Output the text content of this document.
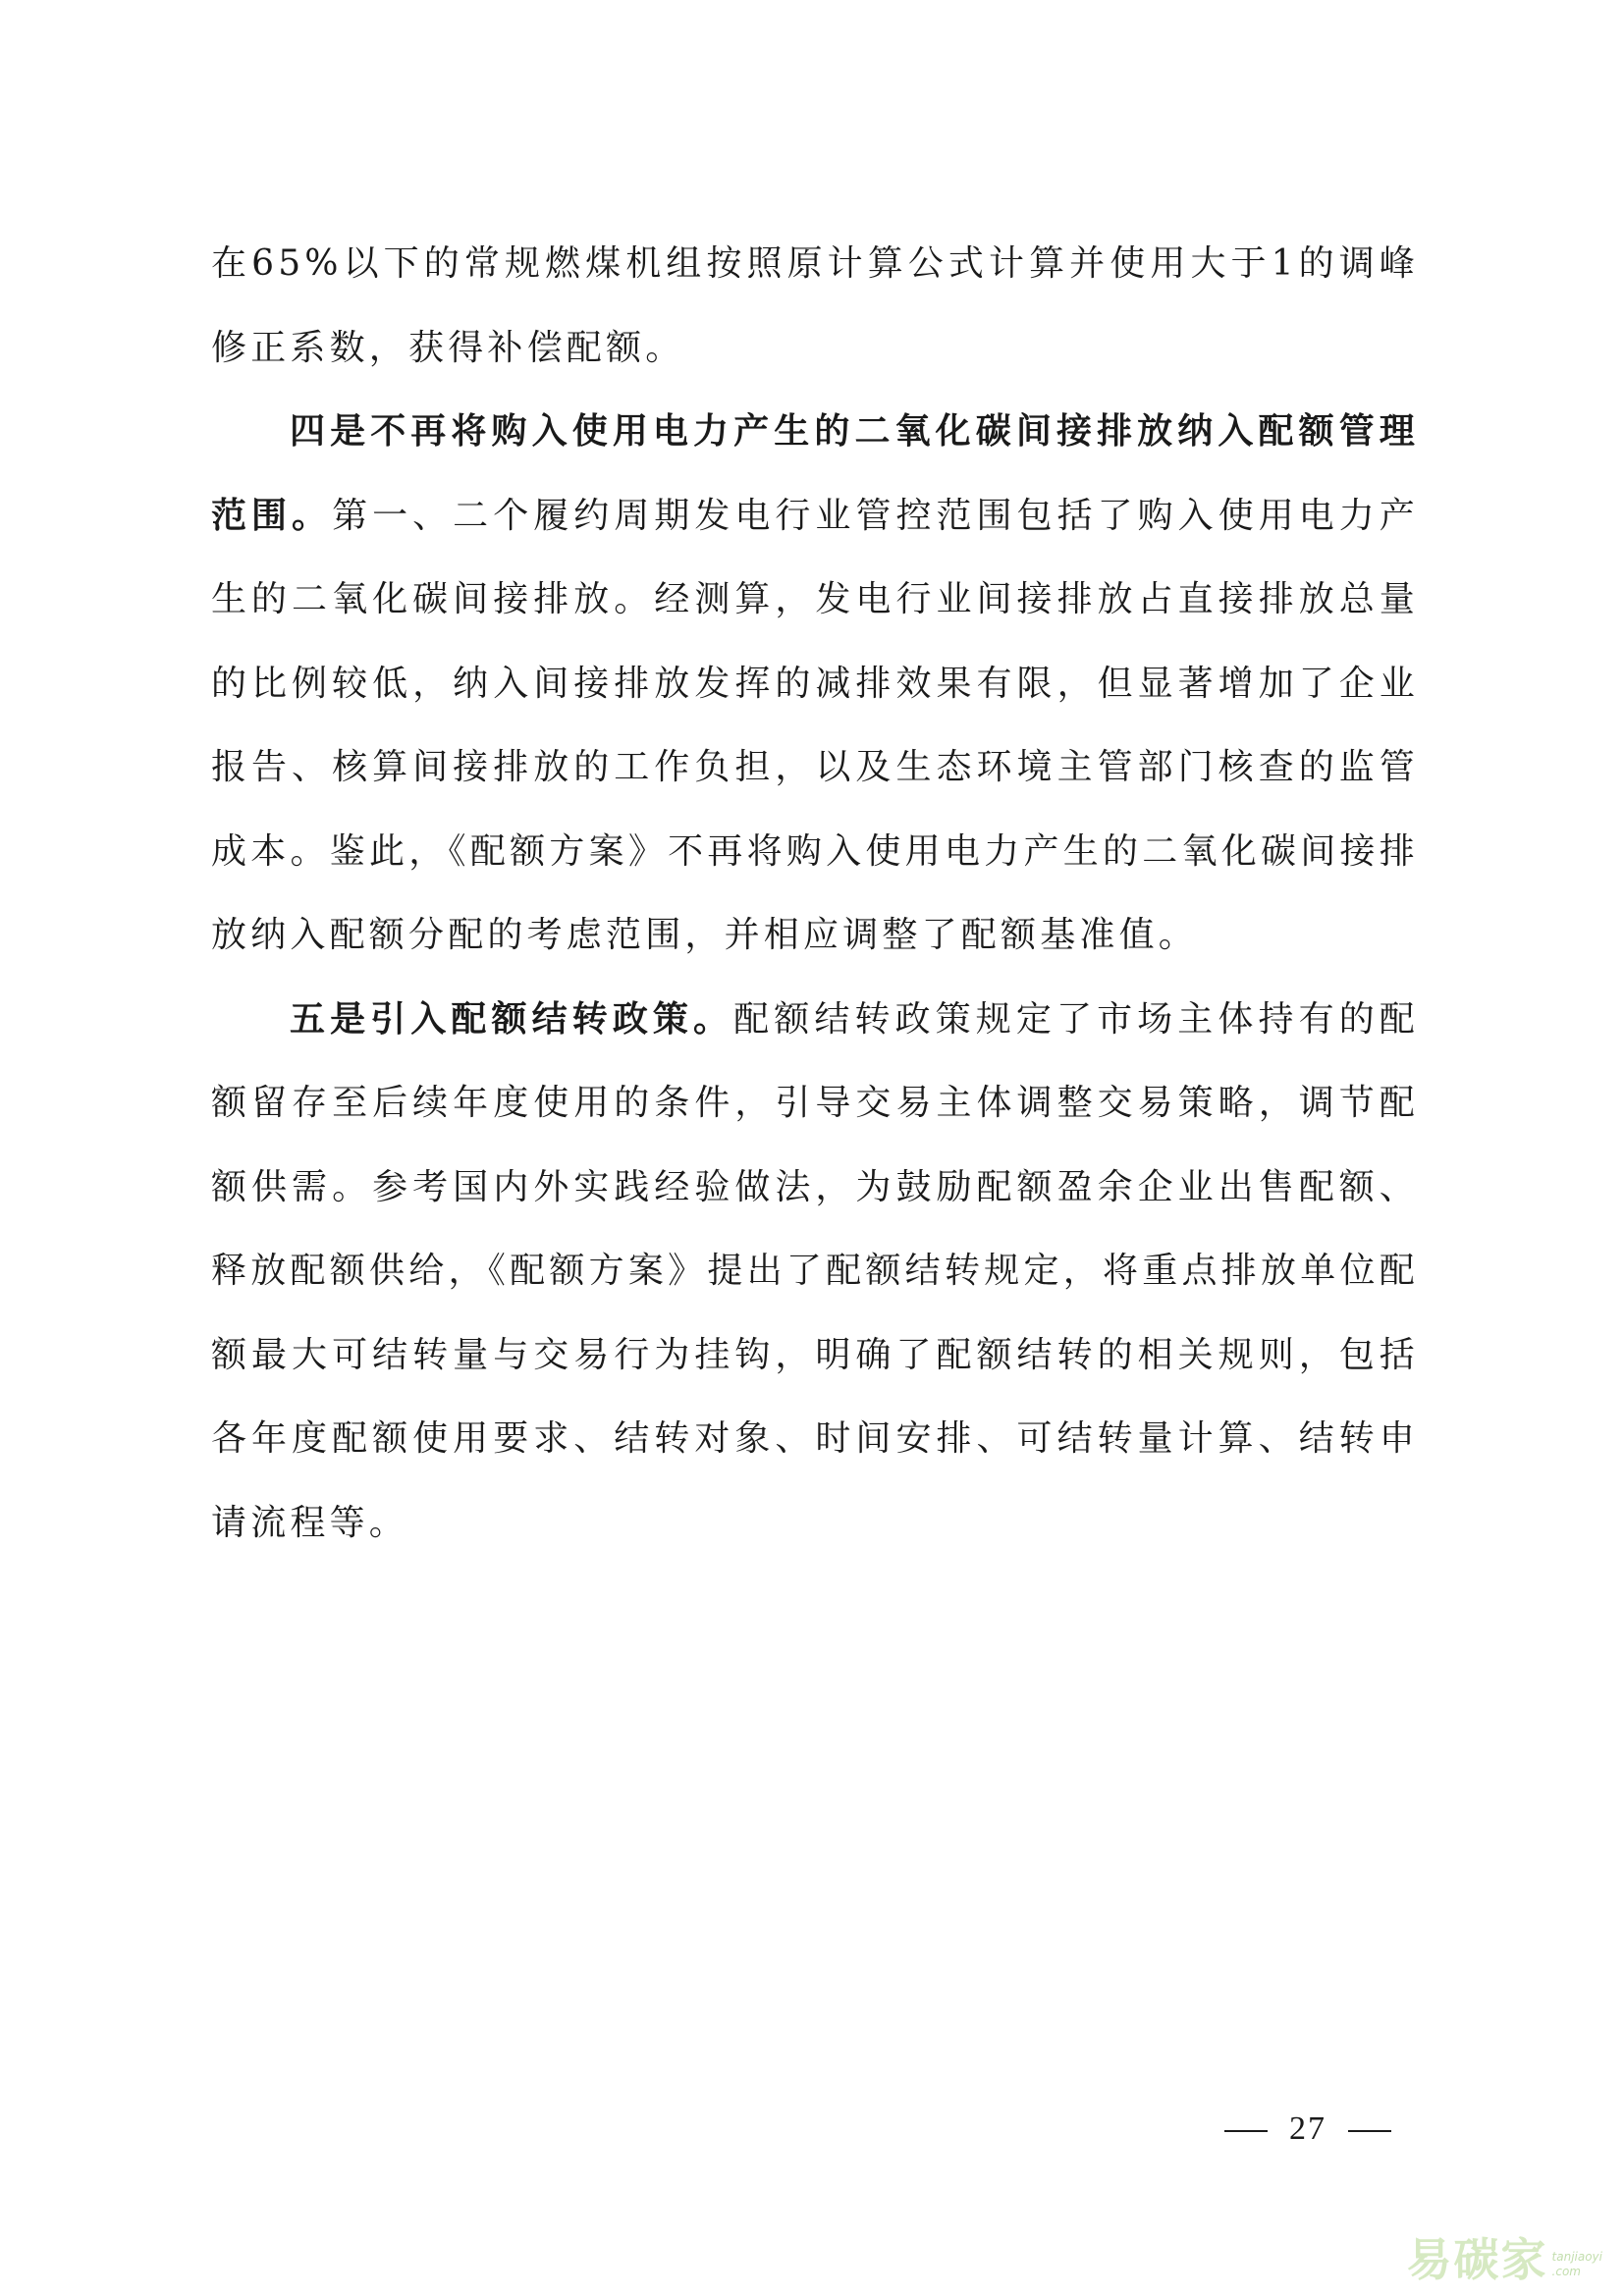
在65%以下的常规燃煤机组按照原计算公式计算并使用大于1的调峰修正系数，获得补偿配额。

四是不再将购入使用电力产生的二氧化碳间接排放纳入配额管理范围。第一、二个履约周期发电行业管控范围包括了购入使用电力产生的二氧化碳间接排放。经测算，发电行业间接排放占直接排放总量的比例较低，纳入间接排放发挥的减排效果有限，但显著增加了企业报告、核算间接排放的工作负担，以及生态环境主管部门核查的监管成本。鉴此，《配额方案》不再将购入使用电力产生的二氧化碳间接排放纳入配额分配的考虑范围，并相应调整了配额基准值。

五是引入配额结转政策。配额结转政策规定了市场主体持有的配额留存至后续年度使用的条件，引导交易主体调整交易策略，调节配额供需。参考国内外实践经验做法，为鼓励配额盈余企业出售配额、释放配额供给，《配额方案》提出了配额结转规定，将重点排放单位配额最大可结转量与交易行为挂钩，明确了配额结转的相关规则，包括各年度配额使用要求、结转对象、时间安排、可结转量计算、结转申请流程等。

27
易碳家 tanjiaoyi
.com
